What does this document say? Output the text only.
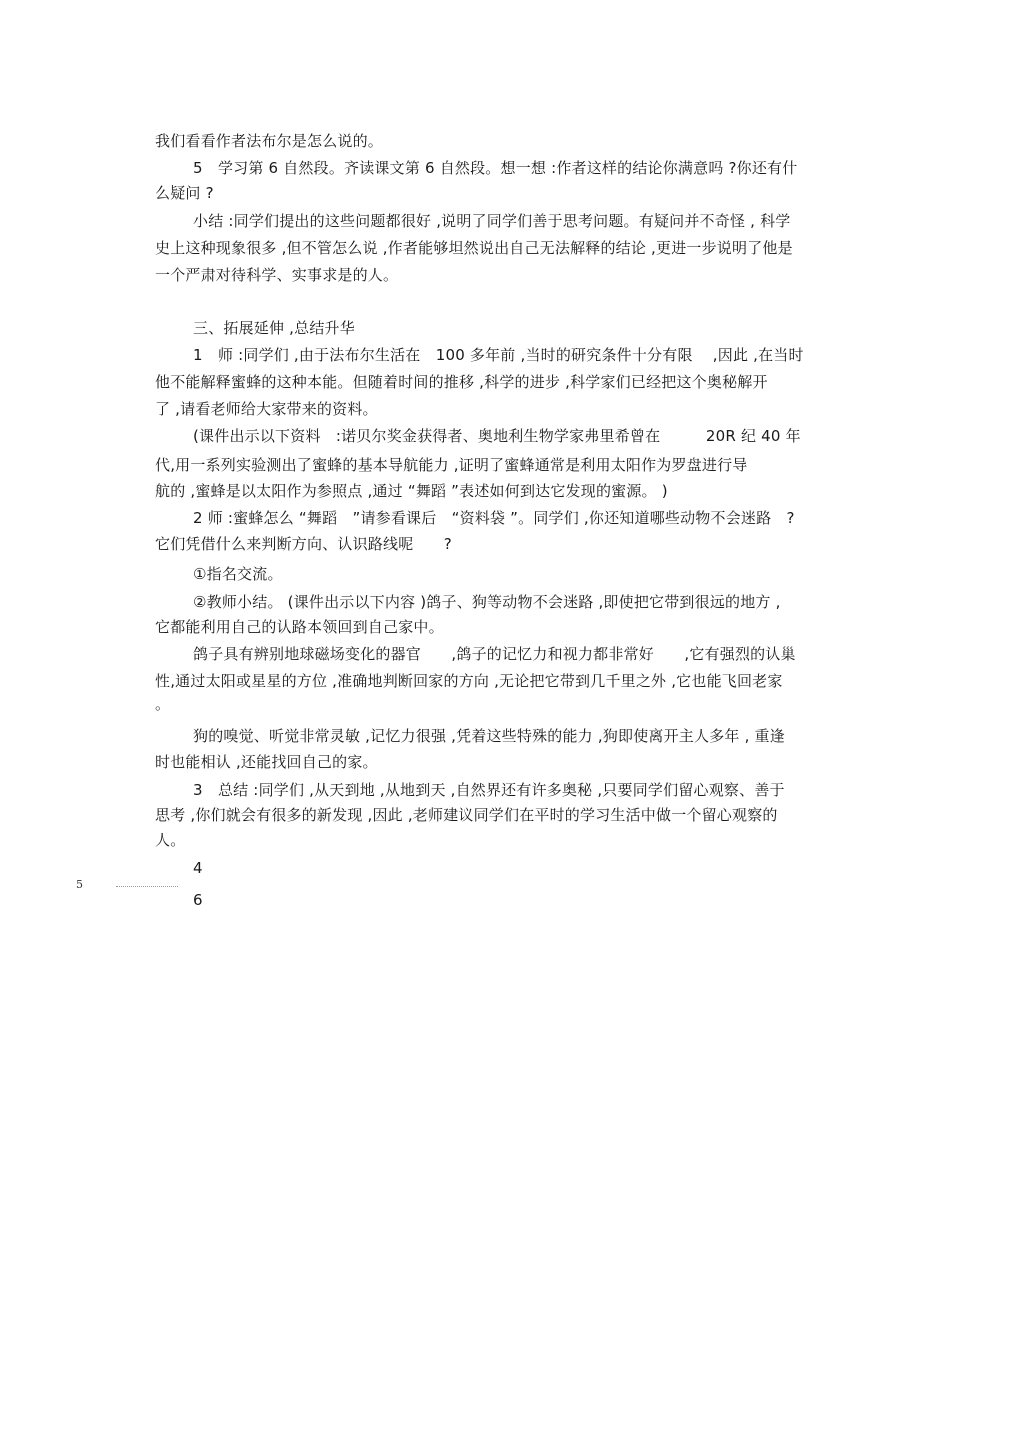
我们看看作者法布尔是怎么说的。
5　学习第 6 自然段。齐读课文第 6 自然段。想一想 :作者这样的结论你满意吗 ?你还有什
么疑问 ?
小结 :同学们提出的这些问题都很好 ,说明了同学们善于思考问题。有疑问并不奇怪 , 科学
史上这种现象很多 ,但不管怎么说 ,作者能够坦然说出自己无法解释的结论 ,更进一步说明了他是
一个严肃对待科学、实事求是的人。
三、拓展延伸 ,总结升华
1　师 :同学们 ,由于法布尔生活在　100 多年前 ,当时的研究条件十分有限　 ,因此 ,在当时
他不能解释蜜蜂的这种本能。但随着时间的推移 ,科学的进步 ,科学家们已经把这个奥秘解开
了 ,请看老师给大家带来的资料。
(课件出示以下资料　:诺贝尔奖金获得者、奥地利生物学家弗里希曾在　　　20R 纪 40 年
代,用一系列实验测出了蜜蜂的基本导航能力 ,证明了蜜蜂通常是利用太阳作为罗盘进行导
航的 ,蜜蜂是以太阳作为参照点 ,通过 “舞蹈 ”表述如何到达它发现的蜜源。 )
2 师 :蜜蜂怎么 “舞蹈　”请参看课后　“资料袋 ”。同学们 ,你还知道哪些动物不会迷路　?
它们凭借什么来判断方向、认识路线呢　　?
①指名交流。
②教师小结。 (课件出示以下内容 )鸽子、狗等动物不会迷路 ,即使把它带到很远的地方 ,
它都能利用自己的认路本领回到自己家中。
鸽子具有辨别地球磁场变化的器官　　,鸽子的记忆力和视力都非常好　　,它有强烈的认巢
性,通过太阳或星星的方位 ,准确地判断回家的方向 ,无论把它带到几千里之外 ,它也能飞回老家
。
狗的嗅觉、听觉非常灵敏 ,记忆力很强 ,凭着这些特殊的能力 ,狗即使离开主人多年 , 重逢
时也能相认 ,还能找回自己的家。
3　总结 :同学们 ,从天到地 ,从地到天 ,自然界还有许多奥秘 ,只要同学们留心观察、善于
思考 ,你们就会有很多的新发现 ,因此 ,老师建议同学们在平时的学习生活中做一个留心观察的
人。
4
6
5
